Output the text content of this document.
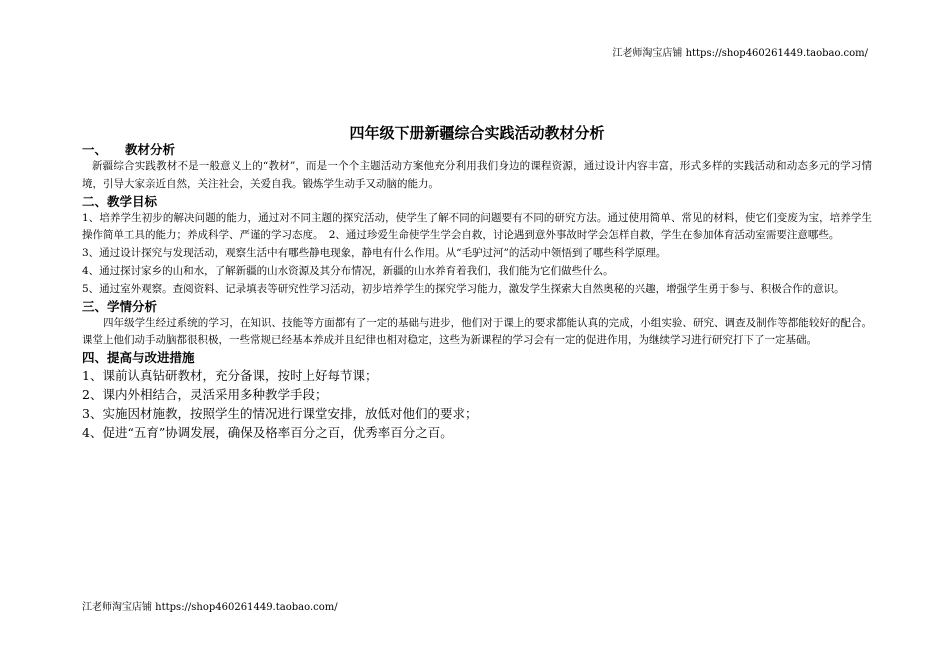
江老师淘宝店铺 https://shop460261449.taobao.com/
四年级下册新疆综合实践活动教材分析

一、 教材分析

新疆综合实践教材不是一般意义上的“教材”，而是一个个主题活动方案他充分利用我们身边的课程资源，通过设计内容丰富，形式多样的实践活动和动态多元的学习情境，引导大家亲近自然，关注社会，关爱自我。锻炼学生动手又动脑的能力。

二、教学目标

1、培养学生初步的解决问题的能力，通过对不同主题的探究活动，使学生了解不同的问题要有不同的研究方法。通过使用简单、常见的材料，使它们变废为宝，培养学生操作简单工具的能力；养成科学、严谨的学习态度。　2、通过珍爱生命使学生学会自救，讨论遇到意外事故时学会怎样自救，学生在参加体育活动室需要注意哪些。

3、通过设计探究与发现活动，观察生活中有哪些静电现象，静电有什么作用。从“毛驴过河”的活动中领悟到了哪些科学原理。

4、通过探讨家乡的山和水，了解新疆的山水资源及其分布情况，新疆的山水养育着我们，我们能为它们做些什么。

5、通过室外观察。查阅资料、记录填表等研究性学习活动，初步培养学生的探究学习能力，激发学生探索大自然奥秘的兴趣，增强学生勇于参与、积极合作的意识。

三、学情分析

四年级学生经过系统的学习，在知识、技能等方面都有了一定的基础与进步，他们对于课上的要求都能认真的完成，小组实验、研究、调查及制作等都能较好的配合。课堂上他们动手动脑都很积极，一些常规已经基本养成并且纪律也相对稳定，这些为新课程的学习会有一定的促进作用，为继续学习进行研究打下了一定基础。

四、提高与改进措施

1、课前认真钻研教材，充分备课，按时上好每节课；

2、课内外相结合，灵活采用多种教学手段；

3、实施因材施教，按照学生的情况进行课堂安排，放低对他们的要求；

4、促进“五育”协调发展，确保及格率百分之百，优秀率百分之百。

江老师淘宝店铺 https://shop460261449.taobao.com/
